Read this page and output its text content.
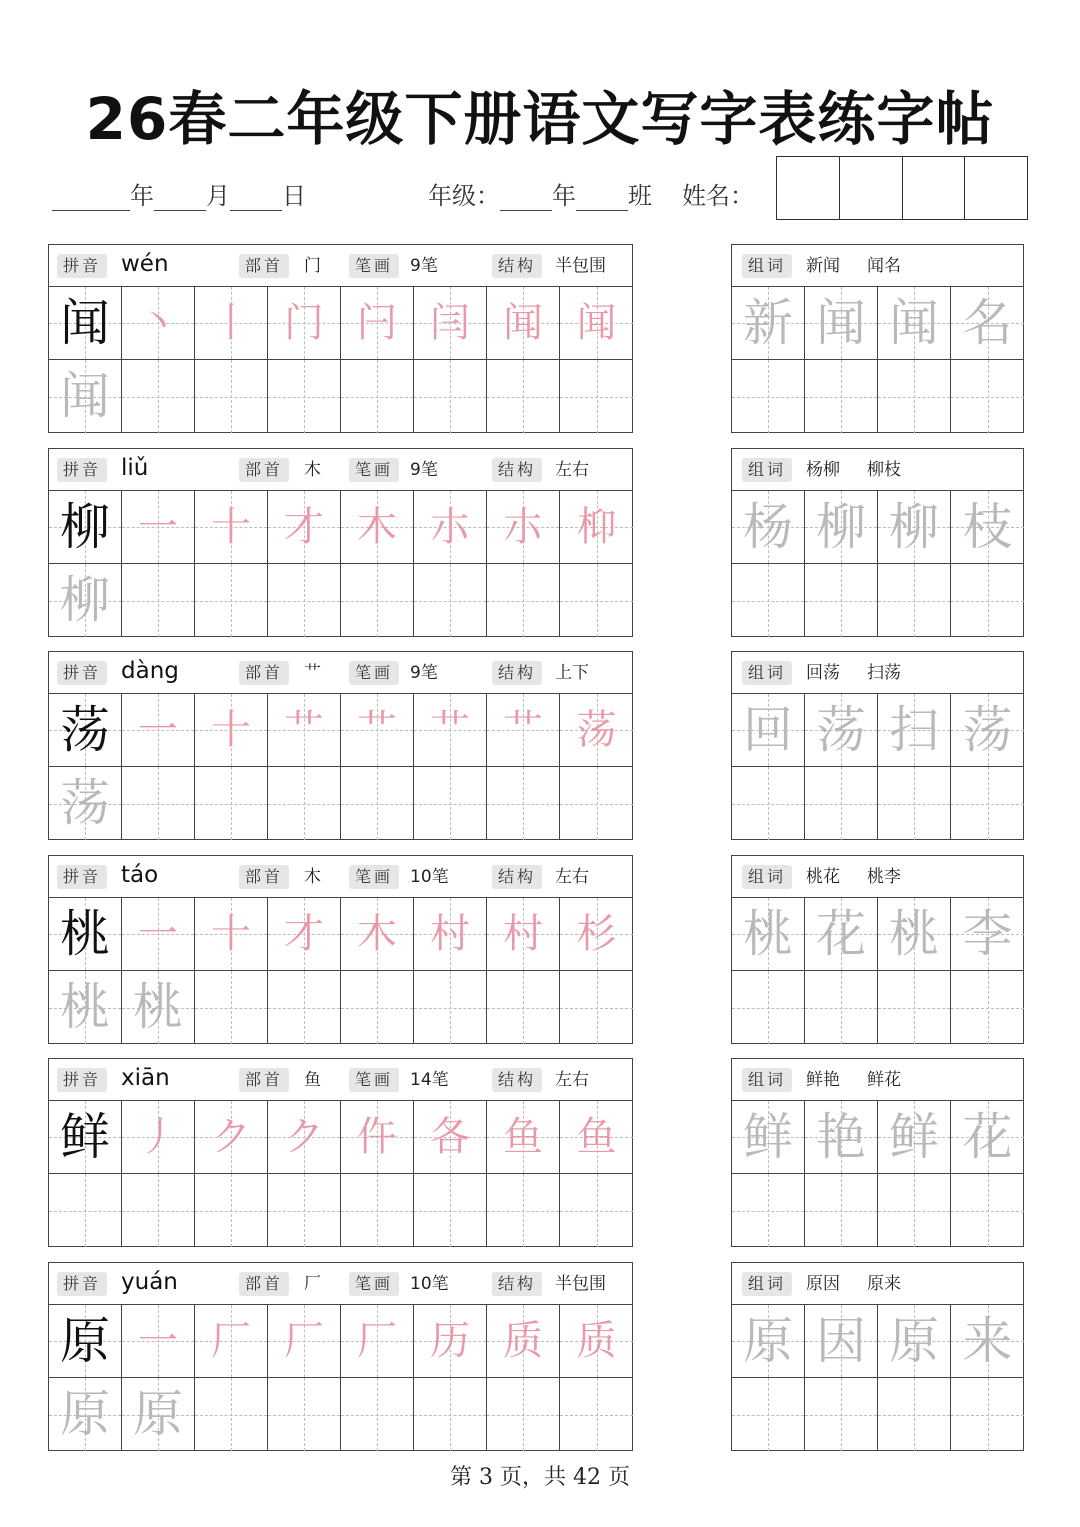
26春二年级下册语文写字表练字帖
年 月 日	年级： 年 班 姓名：
拼音 wén	部首	门	笔画 9笔	结构	半包围
闻 丶 丨 门 闩 闫 闻 闻
闻
组词	新闻 闻名
新 闻 闻 名
拼音 liǔ	部首	木	笔画 9笔	结构	左右
柳 一 十 才 木 朩 朩 枊
柳
组词	杨柳 柳枝
杨 柳 柳 枝
拼音 dàng	部首	艹	笔画 9笔	结构	上下
荡 一 十 艹 艹 艹 艹 荡
荡
组词	回荡 扫荡
回 荡 扫 荡
拼音 táo	部首	木	笔画 10笔	结构	左右
桃 一 十 才 木 村 村 杉
桃 桃
组词	桃花 桃李
桃 花 桃 李
拼音 xiān	部首	鱼	笔画 14笔	结构	左右
鲜 丿 ク ク 仵 各 鱼 鱼
组词	鲜艳 鲜花
鲜 艳 鲜 花
拼音 yuán	部首	厂	笔画 10笔	结构	半包围
原 一 厂 厂 厂 历 质 质
原 原
组词	原因 原来
原 因 原 来
第 3 页，共 42 页
